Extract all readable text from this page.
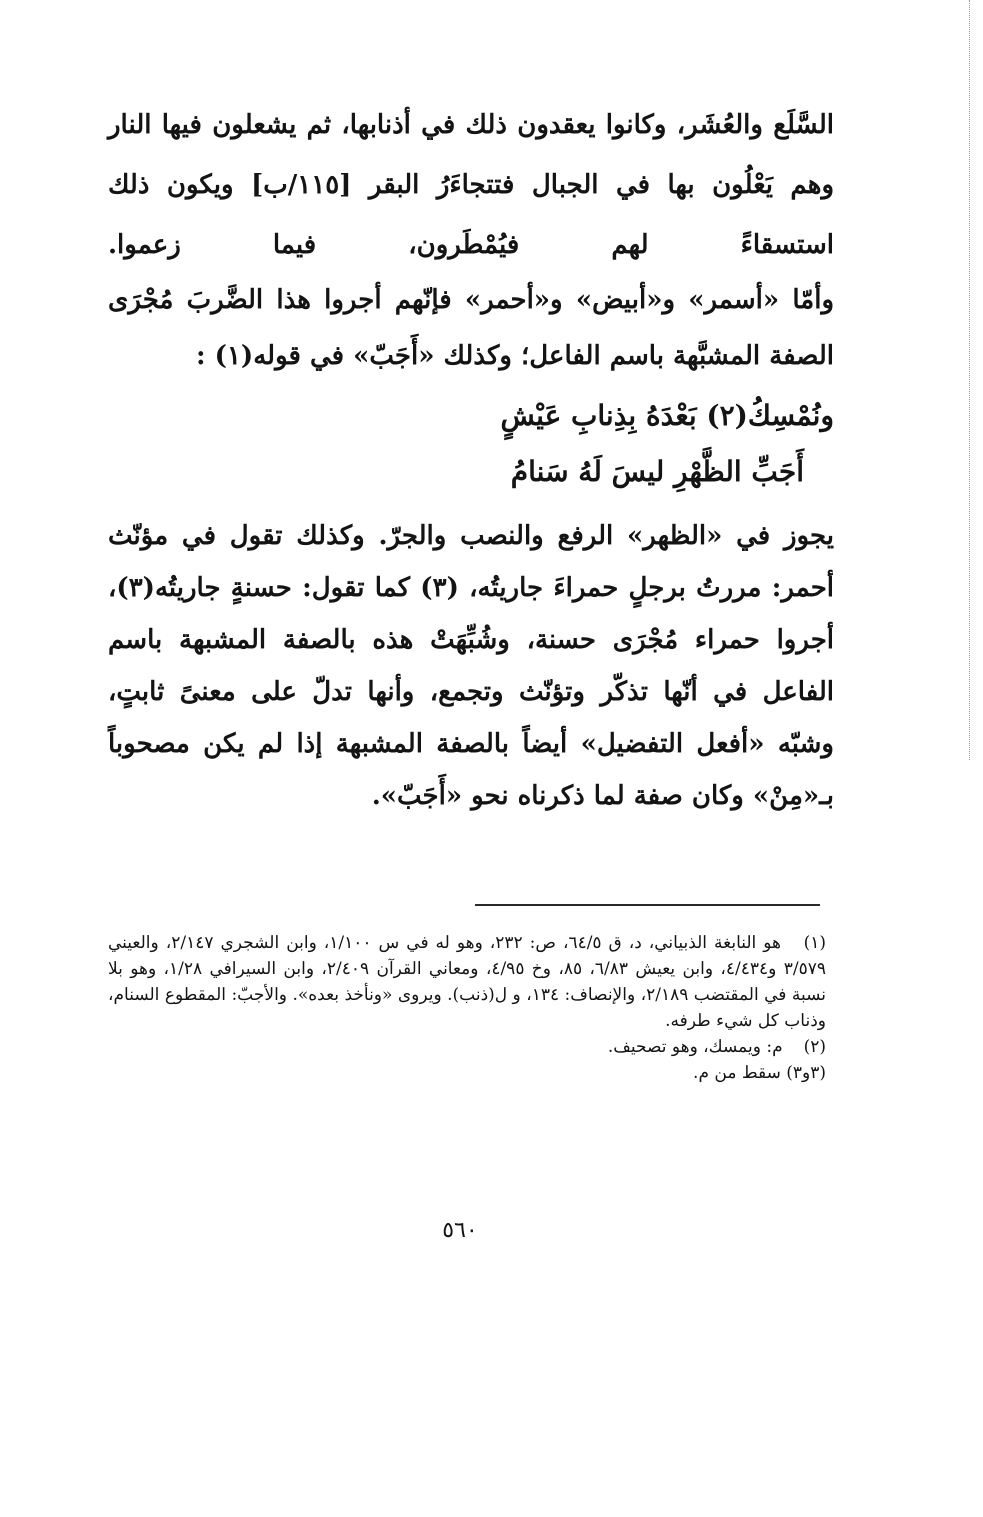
السَّلَع والعُشَر، وكانوا يعقدون ذلك في أذنابها، ثم يشعلون فيها النار وهم يَعْلُون بها في الجبال فتتجاءَرُ البقر [١١٥/ب] ويكون ذلك استسقاءً لهم فيُمْطَرون، فيما زعموا.
وأمّا «أسمر» و«أبيض» و«أحمر» فإنّهم أجروا هذا الضَّربَ مُجْرَى الصفة المشبَّهة باسم الفاعل؛ وكذلك «أَجَبّ» في قوله(١) :
ونُمْسِكُ(٢) بَعْدَهُ بِذِنابِ عَيْشٍ
أَجَبِّ الظَّهْرِ ليسَ لَهُ سَنامُ
يجوز في «الظهر» الرفع والنصب والجرّ. وكذلك تقول في مؤنّث أحمر: مررتُ برجلٍ حمراءَ جاريتُه، (٣) كما تقول: حسنةٍ جاريتُه(٣)، أجروا حمراء مُجْرَى حسنة، وشُبِّهَتْ هذه بالصفة المشبهة باسم الفاعل في أنّها تذكّر وتؤنّث وتجمع، وأنها تدلّ على معنىً ثابتٍ، وشبّه «أفعل التفضيل» أيضاً بالصفة المشبهة إذا لم يكن مصحوباً بـ«مِنْ» وكان صفة لما ذكرناه نحو «أَجَبّ».
(١) هو النابغة الذبياني، د، ق ٦٤/٥، ص: ٢٣٢، وهو له في س ١/١٠٠، وابن الشجري ٢/١٤٧، والعيني ٣/٥٧٩ و٤/٤٣٤، وابن يعيش ٦/٨٣، ٨٥، وخ ٤/٩٥، ومعاني القرآن ٢/٤٠٩، وابن السيرافي ١/٢٨، وهو بلا نسبة في المقتضب ٢/١٨٩، والإنصاف: ١٣٤، و ل(ذنب). ويروى «ونأخذ بعده». والأجبّ: المقطوع السنام، وذناب كل شيء طرفه.
(٢) م: ويمسك، وهو تصحيف.
(٣و٣) سقط من م.
٥٦٠
